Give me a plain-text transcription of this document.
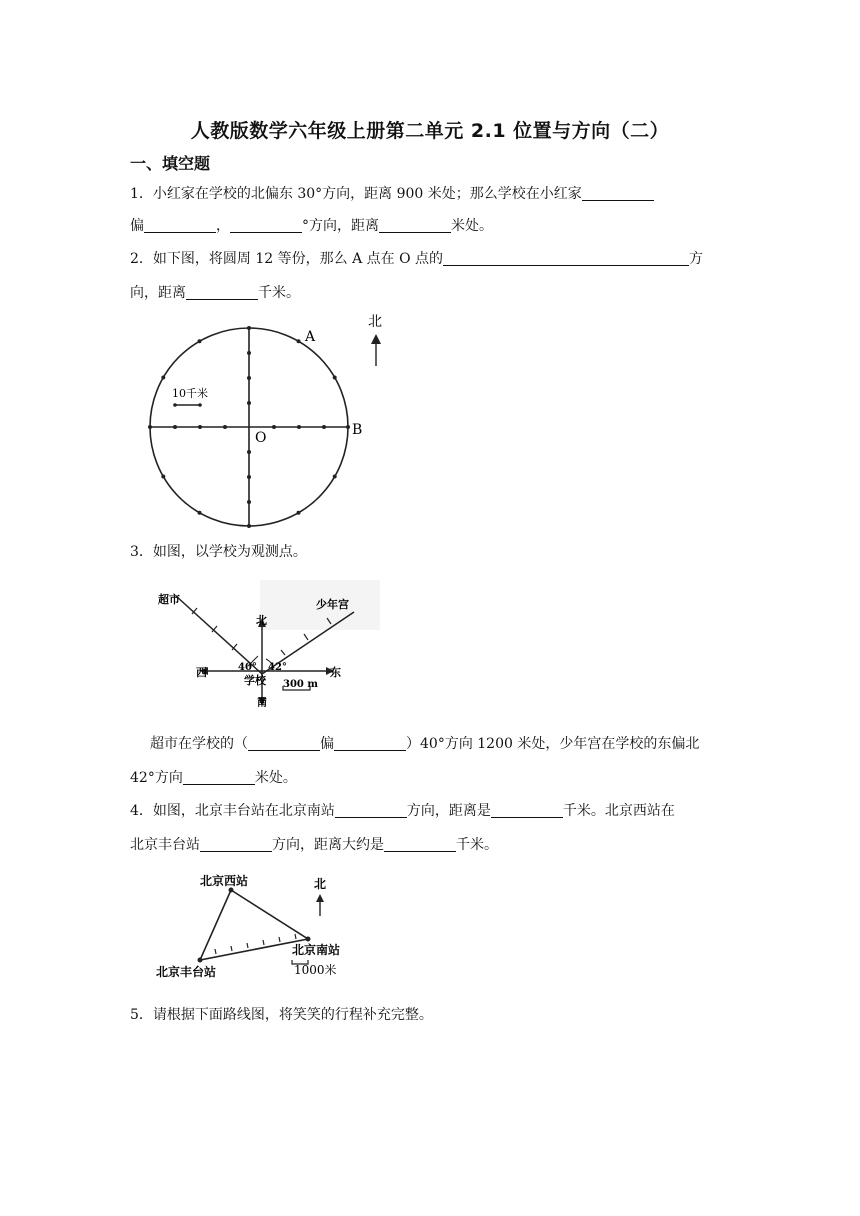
人教版数学六年级上册第二单元 2.1 位置与方向（二）
一、填空题
1．小红家在学校的北偏东 30°方向，距离 900 米处；那么学校在小红家
偏	，	°方向，距离	米处。
2．如下图，将圆周 12 等份，那么 A 点在 O 点的	方
向，距离	千米。
10千米
A
B
O
北
3．如图，以学校为观测点。
超市	少年宫
北
南
西	东
学校
40° 42°
300 m
超市在学校的（	偏	）40°方向 1200 米处，少年宫在学校的东偏北
42°方向	米处。
4．如图，北京丰台站在北京南站	方向，距离是	千米。北京西站在
北京丰台站	方向，距离大约是	千米。
北京西站
北京南站
北京丰台站
北
1000米
5．请根据下面路线图，将笑笑的行程补充完整。
